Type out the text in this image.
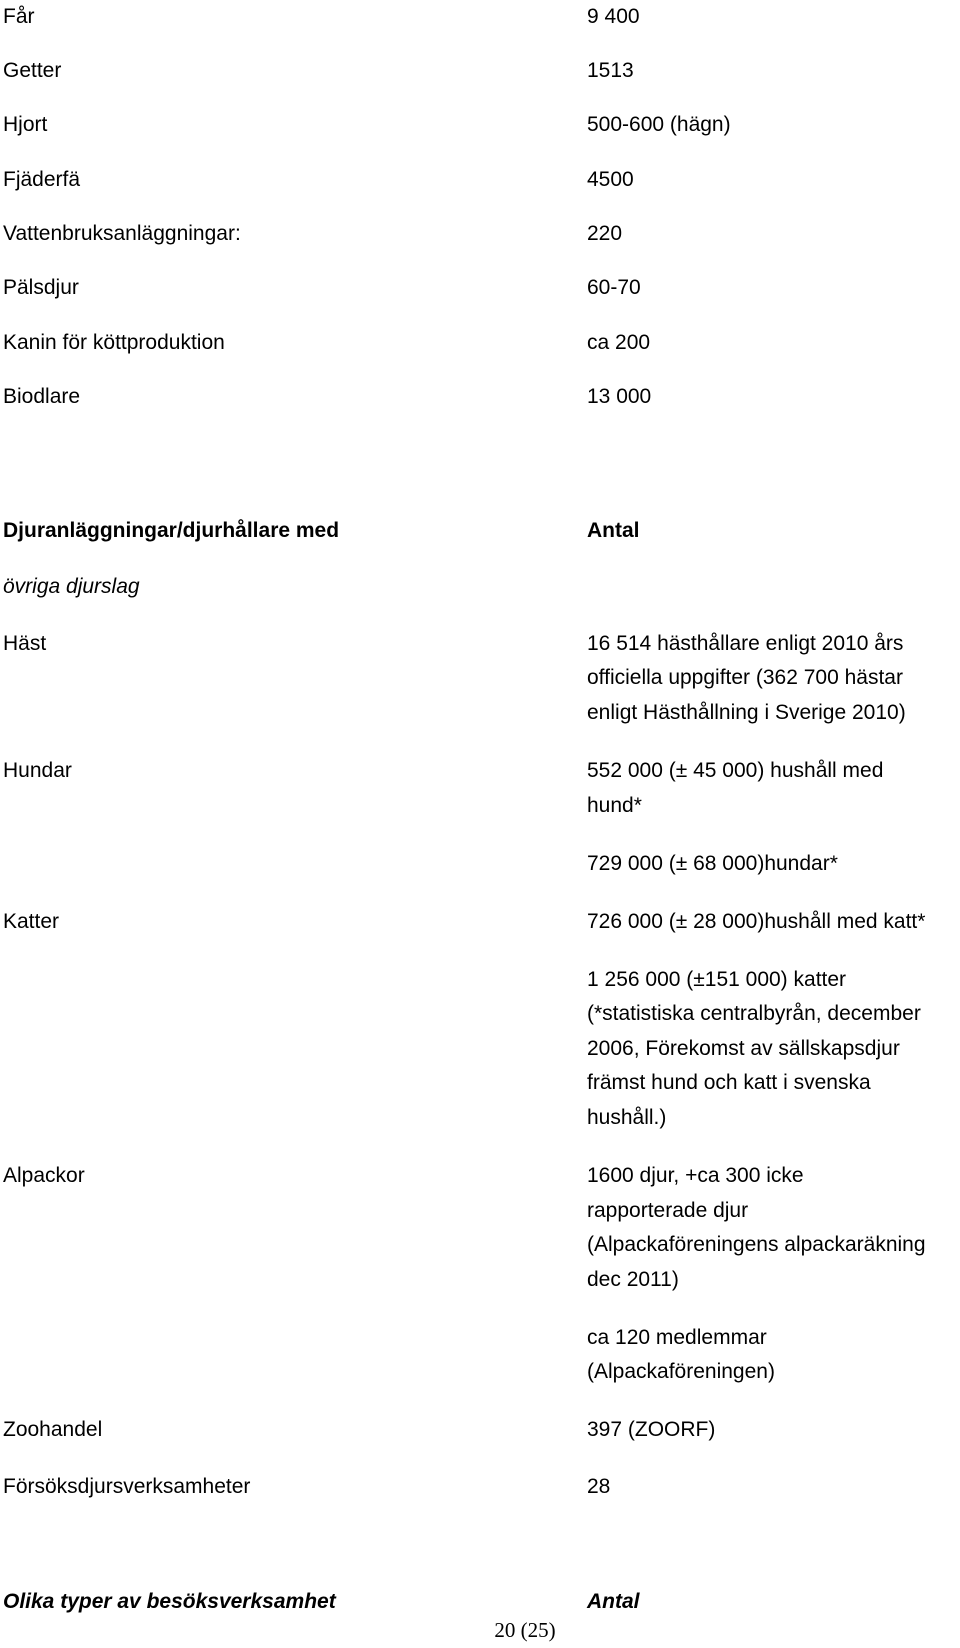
Får	9 400
Getter	1513
Hjort	500-600 (hägn)
Fjäderfä	4500
Vattenbruksanläggningar:	220
Pälsdjur	60-70
Kanin för köttproduktion	ca 200
Biodlare	13 000
Djuranläggningar/djurhållare med	Antal
övriga djurslag
Häst	16 514 hästhållare enligt 2010 års
officiella uppgifter (362 700 hästar
enligt Hästhållning i Sverige 2010)
Hundar	552 000 (± 45 000) hushåll med
hund*
729 000 (± 68 000)hundar*
Katter	726 000 (± 28 000)hushåll med katt*
1 256 000 (±151 000) katter
(*statistiska centralbyrån, december
2006, Förekomst av sällskapsdjur
främst hund och katt i svenska
hushåll.)
Alpackor	1600 djur, +ca 300 icke
rapporterade djur
(Alpackaföreningens alpackaräkning
dec 2011)
ca 120 medlemmar
(Alpackaföreningen)
Zoohandel	397 (ZOORF)
Försöksdjursverksamheter	28
Olika typer av besöksverksamhet	Antal
20 (25)
